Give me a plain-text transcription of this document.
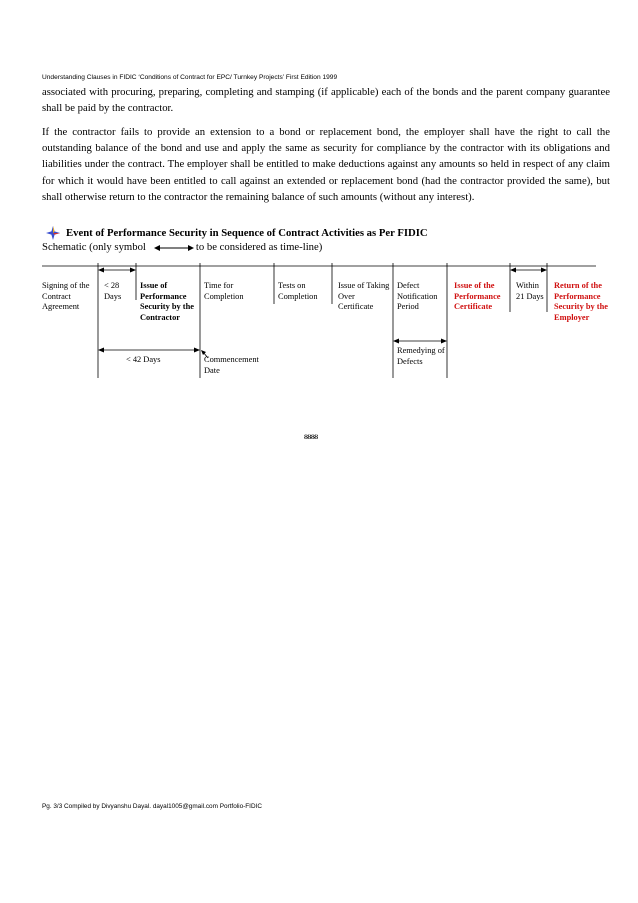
Understanding Clauses in FIDIC ‘Conditions of Contract for EPC/ Turnkey Projects’ First Edition 1999
associated with procuring, preparing, completing and stamping (if applicable) each of the bonds and the parent company guarantee shall be paid by the contractor.
If the contractor fails to provide an extension to a bond or replacement bond, the employer shall have the right to call the outstanding balance of the bond and use and apply the same as security for compliance by the contractor with its obligations and liabilities under the contract. The employer shall be entitled to make deductions against any amounts so held in respect of any claim for which it would have been entitled to call against an extended or replacement bond (had the contractor provided the same), but shall otherwise return to the contractor the remaining balance of such amounts (without any interest).
Event of Performance Security in Sequence of Contract Activities as Per FIDIC
Schematic (only symbol	to be considered as time-line)
Signing of the Contract Agreement
< 28 Days
Issue of Performance Security by the Contractor
Time for Completion
Tests on Completion
Issue of Taking Over Certificate
Defect Notification Period
Issue of the Performance Certificate
Within 21 Days
Return of the Performance Security by the Employer
< 42 Days	Commencement Date
Remedying of Defects
ᴕᴕᴕᴕ
Pg. 3/3 Compiled by Divyanshu Dayal. dayal1005@gmail.com Portfolio-FIDIC
